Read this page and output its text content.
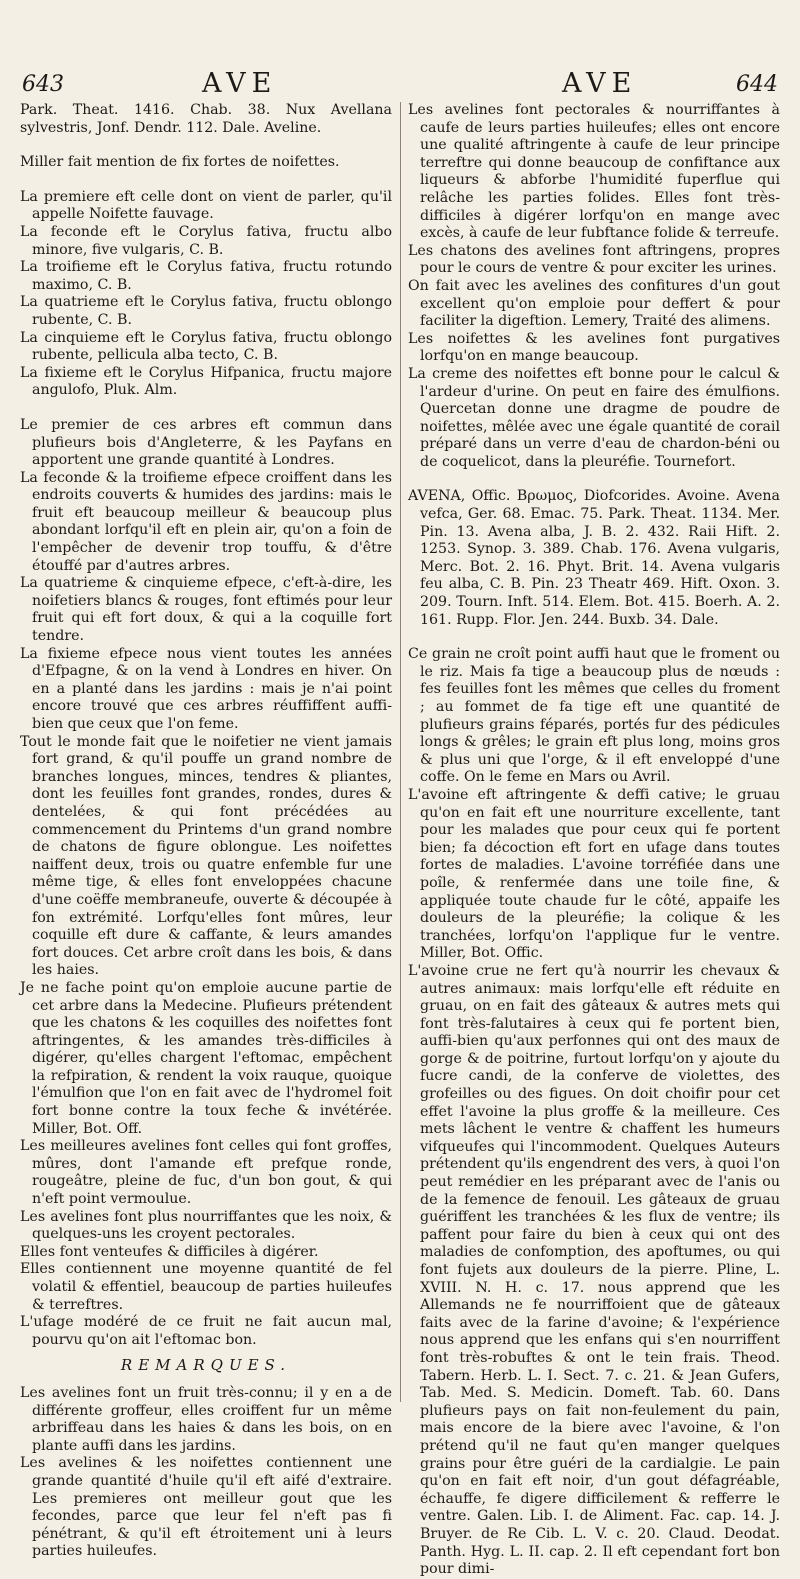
643	AVE	AVE	644

Park. Theat. 1416. Chab. 38. Nux Avellana sylvestris, Jonf. Dendr. 112. Dale. Aveline.

Miller fait mention de fix fortes de noifettes.

La premiere eft celle dont on vient de parler, qu'il appelle Noifette fauvage.

La feconde eft le Corylus fativa, fructu albo minore, five vulgaris, C. B.

La troifieme eft le Corylus fativa, fructu rotundo maximo, C. B.

La quatrieme eft le Corylus fativa, fructu oblongo rubente, C. B.

La cinquieme eft le Corylus fativa, fructu oblongo rubente, pellicula alba tecto, C. B.

La fixieme eft le Corylus Hifpanica, fructu majore angulofo, Pluk. Alm.

Le premier de ces arbres eft commun dans plufieurs bois d'Angleterre, & les Payfans en apportent une grande quantité à Londres.

La feconde & la troifieme efpece croiffent dans les endroits couverts & humides des jardins: mais le fruit eft beaucoup meilleur & beaucoup plus abondant lorfqu'il eft en plein air, qu'on a foin de l'empêcher de devenir trop touffu, & d'être étouffé par d'autres arbres.

La quatrieme & cinquieme efpece, c'eft-à-dire, les noifetiers blancs & rouges, font eftimés pour leur fruit qui eft fort doux, & qui a la coquille fort tendre.

La fixieme efpece nous vient toutes les années d'Efpagne, & on la vend à Londres en hiver. On en a planté dans les jardins : mais je n'ai point encore trouvé que ces arbres réuffiffent auffi-bien que ceux que l'on feme.

Tout le monde fait que le noifetier ne vient jamais fort grand, & qu'il pouffe un grand nombre de branches longues, minces, tendres & pliantes, dont les feuilles font grandes, rondes, dures & dentelées, & qui font précédées au commencement du Printems d'un grand nombre de chatons de figure oblongue. Les noifettes naiffent deux, trois ou quatre enfemble fur une même tige, & elles font enveloppées chacune d'une coëffe membraneufe, ouverte & découpée à fon extrémité. Lorfqu'elles font mûres, leur coquille eft dure & caffante, & leurs amandes fort douces. Cet arbre croît dans les bois, & dans les haies.

Je ne fache point qu'on emploie aucune partie de cet arbre dans la Medecine. Plufieurs prétendent que les chatons & les coquilles des noifettes font aftringentes, & les amandes très-difficiles à digérer, qu'elles chargent l'eftomac, empêchent la refpiration, & rendent la voix rauque, quoique l'émulfion que l'on en fait avec de l'hydromel foit fort bonne contre la toux feche & invétérée. Miller, Bot. Off.

Les meilleures avelines font celles qui font groffes, mûres, dont l'amande eft prefque ronde, rougeâtre, pleine de fuc, d'un bon gout, & qui n'eft point vermoulue.

Les avelines font plus nourriffantes que les noix, & quelques-uns les croyent pectorales.

Elles font venteufes & difficiles à digérer.

Elles contiennent une moyenne quantité de fel volatil & effentiel, beaucoup de parties huileufes & terreftres.

L'ufage modéré de ce fruit ne fait aucun mal, pourvu qu'on ait l'eftomac bon.

REMARQUES.

Les avelines font un fruit très-connu; il y en a de différente groffeur, elles croiffent fur un même arbriffeau dans les haies & dans les bois, on en plante auffi dans les jardins.

Les avelines & les noifettes contiennent une grande quantité d'huile qu'il eft aifé d'extraire. Les premieres ont meilleur gout que les fecondes, parce que leur fel n'eft pas fi pénétrant, & qu'il eft étroitement uni à leurs parties huileufes.

Les avelines font pectorales & nourriffantes à caufe de leurs parties huileufes; elles ont encore une qualité aftringente à caufe de leur principe terreftre qui donne beaucoup de confiftance aux liqueurs & abforbe l'humidité fuperflue qui relâche les parties folides. Elles font très-difficiles à digérer lorfqu'on en mange avec excès, à caufe de leur fubftance folide & terreufe.

Les chatons des avelines font aftringens, propres pour le cours de ventre & pour exciter les urines.

On fait avec les avelines des confitures d'un gout excellent qu'on emploie pour deffert & pour faciliter la digeftion. Lemery, Traité des alimens.

Les noifettes & les avelines font purgatives lorfqu'on en mange beaucoup.

La creme des noifettes eft bonne pour le calcul & l'ardeur d'urine. On peut en faire des émulfions. Quercetan donne une dragme de poudre de noifettes, mêlée avec une égale quantité de corail préparé dans un verre d'eau de chardon-béni ou de coquelicot, dans la pleuréfie. Tournefort.

AVENA, Offic. Βρωμος, Diofcorides. Avoine. Avena vefca, Ger. 68. Emac. 75. Park. Theat. 1134. Mer. Pin. 13. Avena alba, J. B. 2. 432. Raii Hift. 2. 1253. Synop. 3. 389. Chab. 176. Avena vulgaris, Merc. Bot. 2. 16. Phyt. Brit. 14. Avena vulgaris feu alba, C. B. Pin. 23 Theatr 469. Hift. Oxon. 3. 209. Tourn. Inft. 514. Elem. Bot. 415. Boerh. A. 2. 161. Rupp. Flor. Jen. 244. Buxb. 34. Dale.

Ce grain ne croît point auffi haut que le froment ou le riz. Mais fa tige a beaucoup plus de nœuds : fes feuilles font les mêmes que celles du froment ; au fommet de fa tige eft une quantité de plufieurs grains féparés, portés fur des pédicules longs & grêles; le grain eft plus long, moins gros & plus uni que l'orge, & il eft enveloppé d'une coffe. On le feme en Mars ou Avril.

L'avoine eft aftringente & deffi cative; le gruau qu'on en fait eft une nourriture excellente, tant pour les malades que pour ceux qui fe portent bien; fa décoction eft fort en ufage dans toutes fortes de maladies. L'avoine torréfiée dans une poîle, & renfermée dans une toile fine, & appliquée toute chaude fur le côté, appaife les douleurs de la pleuréfie; la colique & les tranchées, lorfqu'on l'applique fur le ventre. Miller, Bot. Offic.

L'avoine crue ne fert qu'à nourrir les chevaux & autres animaux: mais lorfqu'elle eft réduite en gruau, on en fait des gâteaux & autres mets qui font très-falutaires à ceux qui fe portent bien, auffi-bien qu'aux perfonnes qui ont des maux de gorge & de poitrine, furtout lorfqu'on y ajoute du fucre candi, de la conferve de violettes, des grofeilles ou des figues. On doit choifir pour cet effet l'avoine la plus groffe & la meilleure. Ces mets lâchent le ventre & chaffent les humeurs vifqueufes qui l'incommodent. Quelques Auteurs prétendent qu'ils engendrent des vers, à quoi l'on peut remédier en les préparant avec de l'anis ou de la femence de fenouil. Les gâteaux de gruau guériffent les tranchées & les flux de ventre; ils paffent pour faire du bien à ceux qui ont des maladies de confomption, des apoftumes, ou qui font fujets aux douleurs de la pierre. Pline, L. XVIII. N. H. c. 17. nous apprend que les Allemands ne fe nourriffoient que de gâteaux faits avec de la farine d'avoine; & l'expérience nous apprend que les enfans qui s'en nourriffent font très-robuftes & ont le tein frais. Theod. Tabern. Herb. L. I. Sect. 7. c. 21. & Jean Gufers, Tab. Med. S. Medicin. Domeft. Tab. 60. Dans plufieurs pays on fait non-feulement du pain, mais encore de la biere avec l'avoine, & l'on prétend qu'il ne faut qu'en manger quelques grains pour être guéri de la cardialgie. Le pain qu'on en fait eft noir, d'un gout défagréable, échauffe, fe digere difficilement & refferre le ventre. Galen. Lib. I. de Aliment. Fac. cap. 14. J. Bruyer. de Re Cib. L. V. c. 20. Claud. Deodat. Panth. Hyg. L. II. cap. 2. Il eft cependant fort bon pour dimi-
